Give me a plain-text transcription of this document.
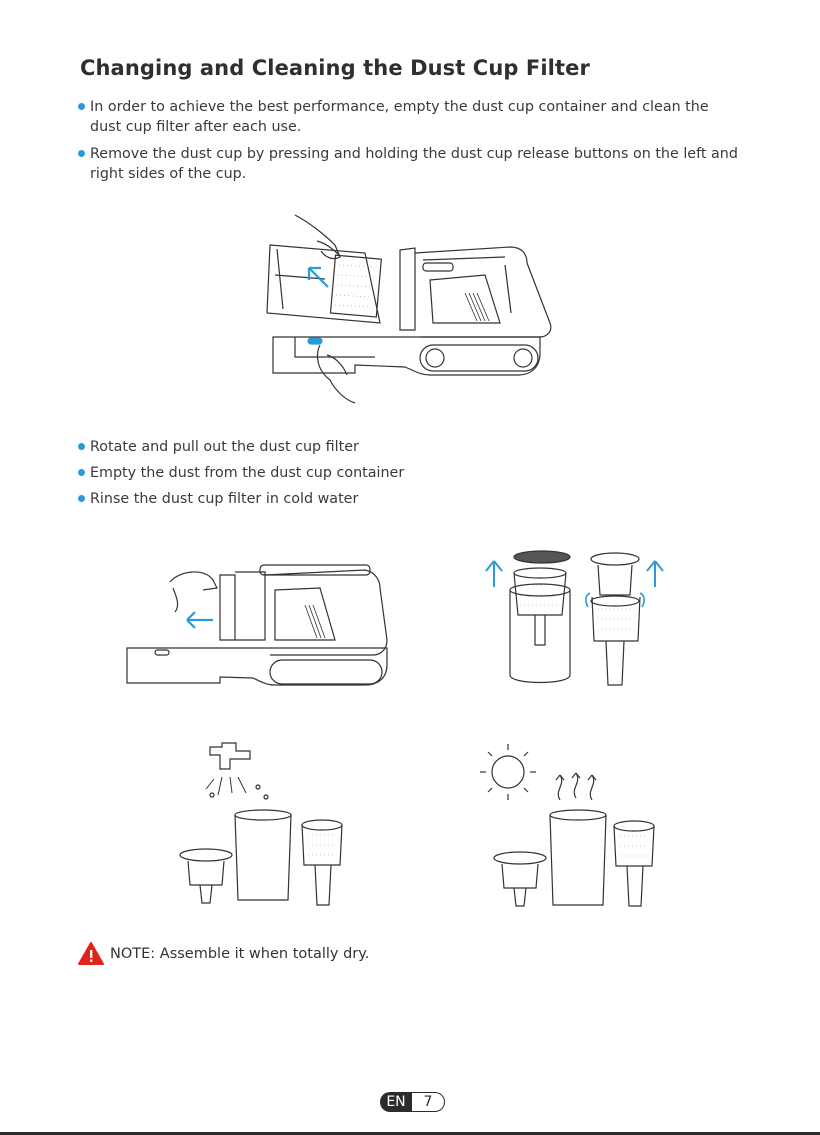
Changing and Cleaning the Dust Cup Filter
In order to achieve the best performance, empty the dust cup container and clean the dust cup filter after each use.
Remove the dust cup by pressing and holding the dust cup release buttons on the left and right sides of the cup.
Rotate and pull out the dust cup filter
Empty the dust from the dust cup container
Rinse the dust cup filter in cold water
NOTE: Assemble it when totally dry.
EN	7
